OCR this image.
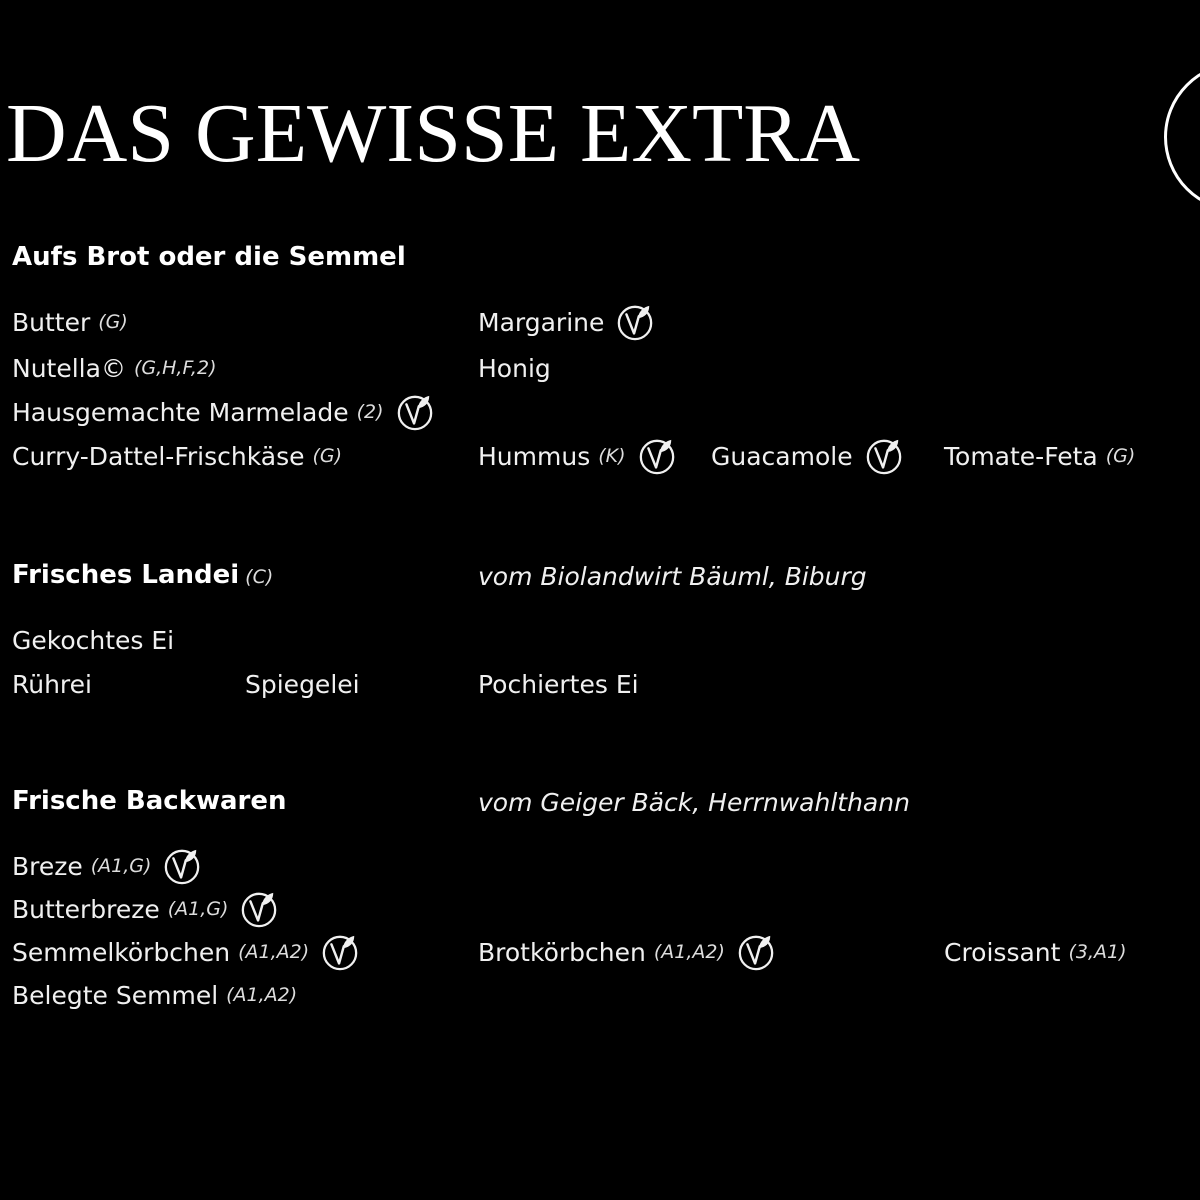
DAS GEWISSE EXTRA
Aufs Brot oder die Semmel
Butter (G)	Margarine
Nutella© (G,H,F,2)	Honig
Hausgemachte Marmelade (2)
Curry-Dattel-Frischkäse (G)	Hummus (K)	Guacamole	Tomate-Feta (G)
Frisches Landei (C)	vom Biolandwirt Bäuml, Biburg
Gekochtes Ei
Rührei	Spiegelei	Pochiertes Ei
Frische Backwaren	vom Geiger Bäck, Herrnwahlthann
Breze (A1,G)
Butterbreze (A1,G)
Semmelkörbchen (A1,A2)	Brotkörbchen (A1,A2)	Croissant (3,A1)
Belegte Semmel (A1,A2)
